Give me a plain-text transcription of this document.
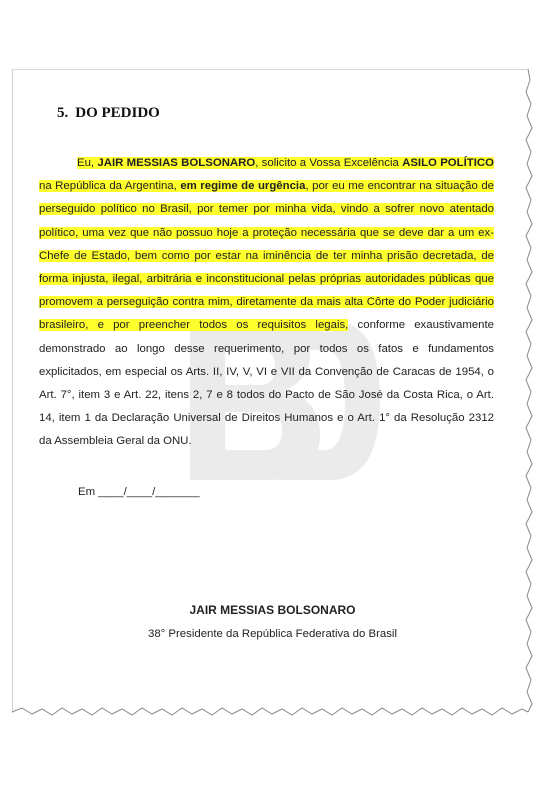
5. DO PEDIDO

Eu, JAIR MESSIAS BOLSONARO, solicito a Vossa Excelência ASILO POLÍTICO na República da Argentina, em regime de urgência, por eu me encontrar na situação de perseguido político no Brasil, por temer por minha vida, vindo a sofrer novo atentado político, uma vez que não possuo hoje a proteção necessária que se deve dar a um ex-Chefe de Estado, bem como por estar na iminência de ter minha prisão decretada, de forma injusta, ilegal, arbitrária e inconstitucional pelas próprias autoridades públicas que promovem a perseguição contra mim, diretamente da mais alta Côrte do Poder judiciário brasileiro, e por preencher todos os requisitos legais, conforme exaustivamente demonstrado ao longo desse requerimento, por todos os fatos e fundamentos explicitados, em especial os Arts. II, IV, V, VI e VII da Convenção de Caracas de 1954, o Art. 7°, item 3 e Art. 22, itens 2, 7 e 8 todos do Pacto de São José da Costa Rica, o Art. 14, item 1 da Declaração Universal de Direitos Humanos e o Art. 1° da Resolução 2312 da Assembleia Geral da ONU.

Em ____/____/_______
JAIR MESSIAS BOLSONARO
38° Presidente da República Federativa do Brasil
